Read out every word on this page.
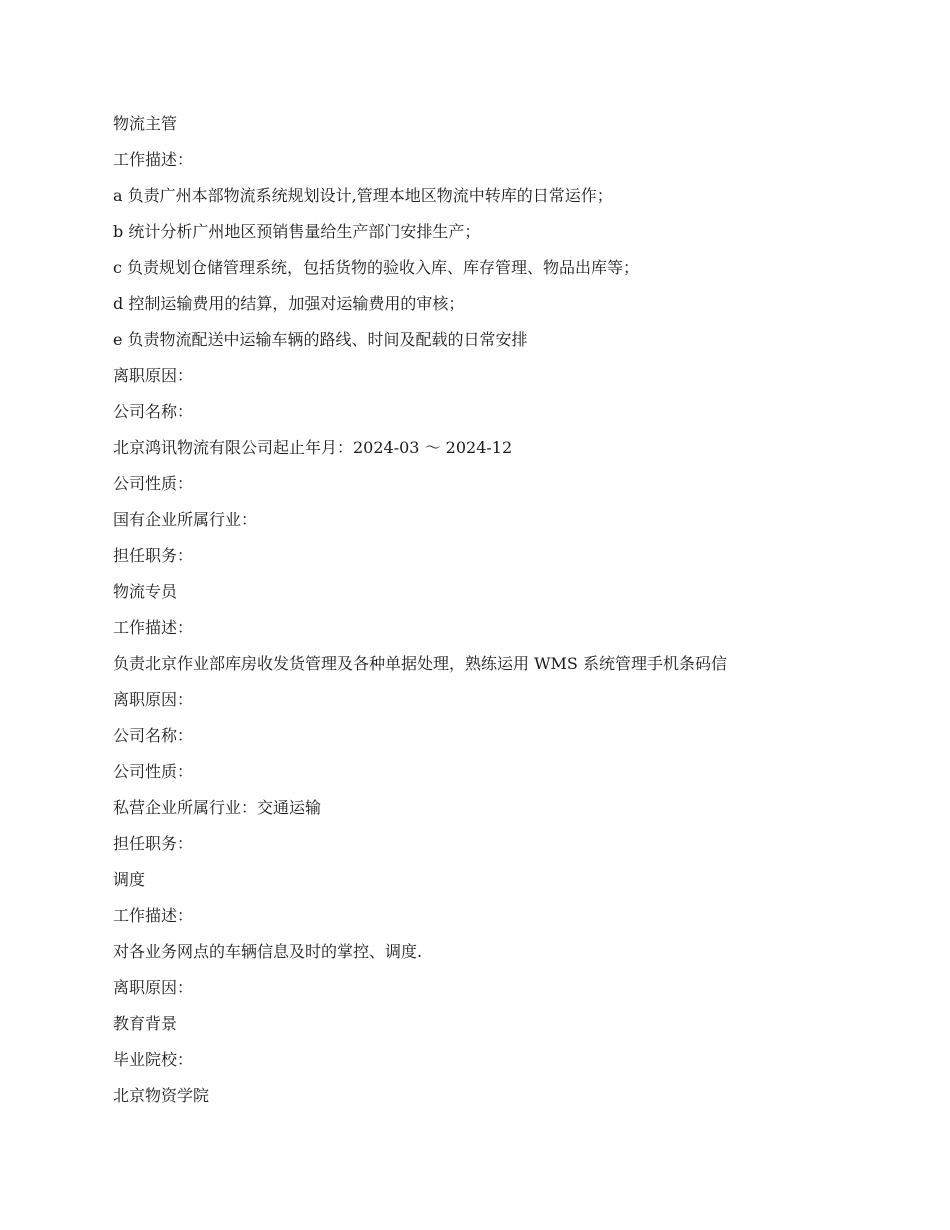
物流主管
工作描述：
a 负责广州本部物流系统规划设计,管理本地区物流中转库的日常运作；
b 统计分析广州地区预销售量给生产部门安排生产；
c 负责规划仓储管理系统，包括货物的验收入库、库存管理、物品出库等；
d 控制运输费用的结算，加强对运输费用的审核；
e 负责物流配送中运输车辆的路线、时间及配载的日常安排
离职原因：
公司名称：
北京鸿讯物流有限公司起止年月：2024-03 ～ 2024-12
公司性质：
国有企业所属行业：
担任职务：
物流专员
工作描述：
负责北京作业部库房收发货管理及各种单据处理，熟练运用 WMS 系统管理手机条码信
离职原因：
公司名称：
公司性质：
私营企业所属行业：交通运输
担任职务：
调度
工作描述：
对各业务网点的车辆信息及时的掌控、调度.
离职原因：
教育背景
毕业院校：
北京物资学院
